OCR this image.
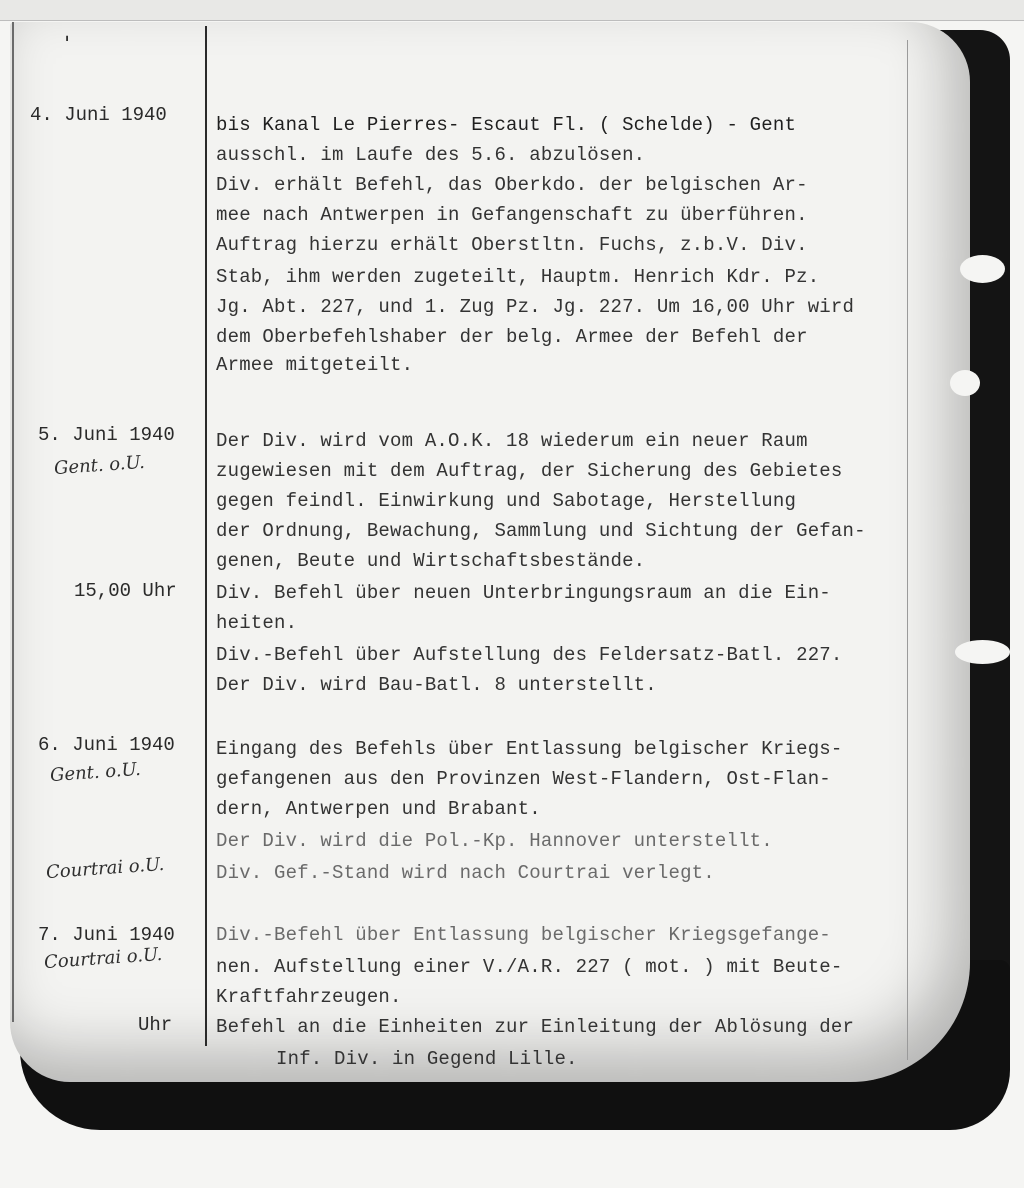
ˈ
4. Juni 1940	bis Kanal Le Pierres- Escaut Fl. ( Schelde) - Gent
ausschl. im Laufe des 5.6. abzulösen.
Div. erhält Befehl, das Oberkdo. der belgischen Ar-
mee nach Antwerpen in Gefangenschaft zu überführen.
Auftrag hierzu erhält Oberstltn. Fuchs, z.b.V. Div.
Stab, ihm werden zugeteilt, Hauptm. Henrich Kdr. Pz.
Jg. Abt. 227, und 1. Zug Pz. Jg. 227. Um 16,00 Uhr wird
dem Oberbefehlshaber der belg. Armee der Befehl der
Armee mitgeteilt.
5. Juni 1940
Gent. o.U.
Der Div. wird vom A.O.K. 18 wiederum ein neuer Raum
zugewiesen mit dem Auftrag, der Sicherung des Gebietes
gegen feindl. Einwirkung und Sabotage, Herstellung
der Ordnung, Bewachung, Sammlung und Sichtung der Gefan-
genen, Beute und Wirtschaftsbestände.
15,00 Uhr Div. Befehl über neuen Unterbringungsraum an die Ein-
heiten.
Div.-Befehl über Aufstellung des Feldersatz-Batl. 227.
Der Div. wird Bau-Batl. 8 unterstellt.
6. Juni 1940
Gent. o.U.
Eingang des Befehls über Entlassung belgischer Kriegs-
gefangenen aus den Provinzen West-Flandern, Ost-Flan-
dern, Antwerpen und Brabant.
Der Div. wird die Pol.-Kp. Hannover unterstellt.
Courtrai o.U.	Div. Gef.-Stand wird nach Courtrai verlegt.
7. Juni 1940
Courtrai o.U.
Div.-Befehl über Entlassung belgischer Kriegsgefange-
nen. Aufstellung einer V./A.R. 227 ( mot. ) mit Beute-
Kraftfahrzeugen.
Uhr Befehl an die Einheiten zur Einleitung der Ablösung der
Inf. Div. in Gegend Lille.
